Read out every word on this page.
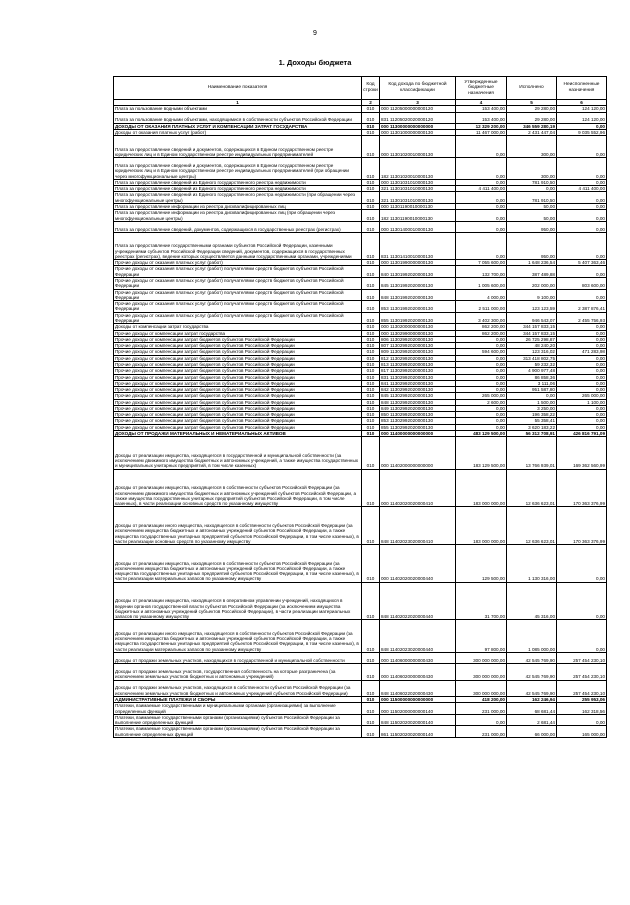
9
1. Доходы бюджета
Наименование показателя	Код строки	Код дохода по бюджетной классификации	Утвержденные бюджетные назначения	Исполнено	Неисполненные назначения
1	2	3	4	5	6
Плата за пользование водными объектами	010	000 11205000000000120	153 400,00	29 280,00	124 120,00
Плата за пользование водными объектами, находящимися в собственности субъектов Российской Федерации	010	831 11205020020000120	153 400,00	29 280,00	124 120,00
ДОХОДЫ ОТ ОКАЗАНИЯ ПЛАТНЫХ УСЛУГ И КОМПЕНСАЦИИ ЗАТРАТ ГОСУДАРСТВА	010	000 11300000000000000	12 329 200,00	346 559 280,19	0,00
Доходы от оказания платных услуг (работ)	010	000 11301000000000130	11 467 000,00	2 431 447,04	9 035 552,96
Плата за предоставление сведений и документов, содержащихся в Едином государственном реестре юридических лиц и в Едином государственном реестре индивидуальных предпринимателей	010	000 11301020010000130	0,00	300,00	0,00
Плата за предоставление сведений и документов, содержащихся в Едином государственном реестре юридических лиц и в Едином государственном реестре индивидуальных предпринимателей (при обращении через многофункциональные центры)	010	182 11301020010000130	0,00	300,00	0,00
Плата за предоставление сведений из Единого государственного реестра недвижимости	010	000 11301031010000130	0,00	781 910,50	0,00
Плата за предоставление сведений из Единого государственного реестра недвижимости	010	321 11301031010000130	4 411 400,00	0,00	4 411 400,00
Плата за предоставление сведений из Единого государственного реестра недвижимости (при обращении через многофункциональные центры)	010	321 11301031010000130	0,00	781 910,50	0,00
Плата за предоставление информации из реестра дисквалифицированных лиц	010	000 11301190010000130	0,00	50,00	0,00
Плата за предоставление информации из реестра дисквалифицированных лиц (при обращении через многофункциональные центры)	010	182 11301190010000130	0,00	50,00	0,00
Плата за предоставление сведений, документов, содержащихся в государственных реестрах (регистрах)	010	000 11301400010000130	0,00	950,00	0,00
Плата за предоставление государственными органами субъектов Российской Федерации, казенными учреждениями субъектов Российской Федерации сведений, документов, содержащихся в государственных реестрах (регистрах), ведение которых осуществляется данными государственными органами, учреждениями	010	831 11301410010000130	0,00	950,00	0,00
Прочие доходы от оказания платных услуг (работ)	010	000 11301990000000130	7 055 600,00	1 648 236,54	5 407 363,46
Прочие доходы от оказания платных услуг (работ) получателями средств бюджетов субъектов Российской Федерации	010	840 11301992020000130	132 700,00	387 489,88	0,00
Прочие доходы от оказания платных услуг (работ) получателями средств бюджетов субъектов Российской Федерации	010	845 11301992020000130	1 005 600,00	202 000,00	803 600,00
Прочие доходы от оказания платных услуг (работ) получателями средств бюджетов субъектов Российской Федерации	010	848 11301992020000130	4 000,00	9 100,00	0,00
Прочие доходы от оказания платных услуг (работ) получателями средств бюджетов субъектов Российской Федерации	010	853 11301992020000130	2 511 000,00	123 123,59	2 387 876,41
Прочие доходы от оказания платных услуг (работ) получателями средств бюджетов субъектов Российской Федерации	010	855 11301992020000130	3 402 300,00	946 543,07	2 455 756,93
Доходы от компенсации затрат государства	010	000 11302000000000130	862 200,00	344 157 833,15	0,00
Прочие доходы от компенсации затрат государства	010	000 11302990000000130	862 200,00	344 157 833,15	0,00
Прочие доходы от компенсации затрат бюджетов субъектов Российской Федерации	010	806 11302992020000130	0,00	26 725 298,87	0,00
Прочие доходы от компенсации затрат бюджетов субъектов Российской Федерации	010	807 11302992020000130	0,00	48 240,20	0,00
Прочие доходы от компенсации затрат бюджетов субъектов Российской Федерации	010	809 11302992020000130	594 600,00	123 316,02	471 283,98
Прочие доходы от компенсации затрат бюджетов субъектов Российской Федерации	010	812 11302992020000130	0,00	313 418 802,75	0,00
Прочие доходы от компенсации затрат бюджетов субъектов Российской Федерации	010	813 11302992020000130	0,00	59 232,32	0,00
Прочие доходы от компенсации затрат бюджетов субъектов Российской Федерации	010	817 11302992020000130	0,00	4 900 977,48	0,00
Прочие доходы от компенсации затрат бюджетов субъектов Российской Федерации	010	831 11302992020000130	0,00	86 858,36	0,00
Прочие доходы от компенсации затрат бюджетов субъектов Российской Федерации	010	841 11302992020000130	0,00	3 111,06	0,00
Прочие доходы от компенсации затрат бюджетов субъектов Российской Федерации	010	842 11302992020000130	0,00	951 587,80	0,00
Прочие доходы от компенсации затрат бюджетов субъектов Российской Федерации	010	845 11302992020000130	265 000,00	0,00	265 000,00
Прочие доходы от компенсации затрат бюджетов субъектов Российской Федерации	010	848 11302992020000130	2 600,00	1 500,00	1 100,00
Прочие доходы от компенсации затрат бюджетов субъектов Российской Федерации	010	849 11302992020000130	0,00	3 250,00	0,00
Прочие доходы от компенсации затрат бюджетов субъектов Российской Федерации	010	850 11302992020000130	0,00	196 358,22	0,00
Прочие доходы от компенсации затрат бюджетов субъектов Российской Федерации	010	853 11302992020000130	0,00	55 358,41	0,00
Прочие доходы от компенсации затрат бюджетов субъектов Российской Федерации	010	855 11302992020000130	0,00	3 620 183,22	0,00
ДОХОДЫ ОТ ПРОДАЖИ МАТЕРИАЛЬНЫХ И НЕМАТЕРИАЛЬНЫХ АКТИВОВ	010	000 11400000000000000	483 129 500,00	56 312 708,91	426 816 791,09
Доходы от реализации имущества, находящегося в государственной и муниципальной собственности (за исключением движимого имущества бюджетных и автономных учреждений, а также имущества государственных и муниципальных унитарных предприятий, в том числе казенных)	010	000 11402000000000000	183 129 500,00	13 766 939,01	169 362 560,99
Доходы от реализации имущества, находящегося в собственности субъектов Российской Федерации (за исключением движимого имущества бюджетных и автономных учреждений субъектов Российской Федерации, а также имущества государственных унитарных предприятий субъектов Российской Федерации, в том числе казенных), в части реализации основных средств по указанному имуществу	010	000 11402020020000410	183 000 000,00	12 636 623,01	170 363 376,99
Доходы от реализации иного имущества, находящегося в собственности субъектов Российской Федерации (за исключением имущества бюджетных и автономных учреждений субъектов Российской Федерации, а также имущества государственных унитарных предприятий субъектов Российской Федерации, в том числе казенных), в части реализации основных средств по указанному имуществу	010	848 11402023020000410	183 000 000,00	12 636 623,01	170 363 376,99
Доходы от реализации имущества, находящегося в собственности субъектов Российской Федерации (за исключением имущества бюджетных и автономных учреждений субъектов Российской Федерации, а также имущества государственных унитарных предприятий субъектов Российской Федерации, в том числе казенных), в части реализации материальных запасов по указанному имуществу	010	000 11402020020000440	129 500,00	1 130 316,00	0,00
Доходы от реализации имущества, находящегося в оперативном управлении учреждений, находящихся в ведении органов государственной власти субъектов Российской Федерации (за исключением имущества бюджетных и автономных учреждений субъектов Российской Федерации), в части реализации материальных запасов по указанному имуществу	010	848 11402022020000440	31 700,00	45 316,00	0,00
Доходы от реализации иного имущества, находящегося в собственности субъектов Российской Федерации (за исключением имущества бюджетных и автономных учреждений субъектов Российской Федерации, а также имущества государственных унитарных предприятий субъектов Российской Федерации, в том числе казенных), в части реализации материальных запасов по указанному имуществу	010	848 11402023020000440	97 800,00	1 085 000,00	0,00
Доходы от продажи земельных участков, находящихся в государственной и муниципальной собственности	010	000 11406000000000430	300 000 000,00	42 545 769,90	257 454 230,10
Доходы от продажи земельных участков, государственная собственность на которые разграничена (за исключением земельных участков бюджетных и автономных учреждений)	010	000 11406020000000430	300 000 000,00	42 545 769,90	257 454 230,10
Доходы от продажи земельных участков, находящихся в собственности субъектов Российской Федерации (за исключением земельных участков бюджетных и автономных учреждений субъектов Российской Федерации)	010	848 11406022020000430	300 000 000,00	42 545 769,90	257 454 230,10
АДМИНИСТРАТИВНЫЕ ПЛАТЕЖИ И СБОРЫ	010	000 11500000000000000	418 200,00	162 246,94	255 953,06
Платежи, взимаемые государственными и муниципальными органами (организациями) за выполнение определенных функций	010	000 11502000000000140	231 000,00	68 681,44	162 318,56
Платежи, взимаемые государственными органами (организациями) субъектов Российской Федерации за выполнение определенных функций	010	848 11502020020000140	0,00	2 681,44	0,00
Платежи, взимаемые государственными органами (организациями) субъектов Российской Федерации за выполнение определенных функций	010	861 11502020020000140	231 000,00	66 000,00	165 000,00
